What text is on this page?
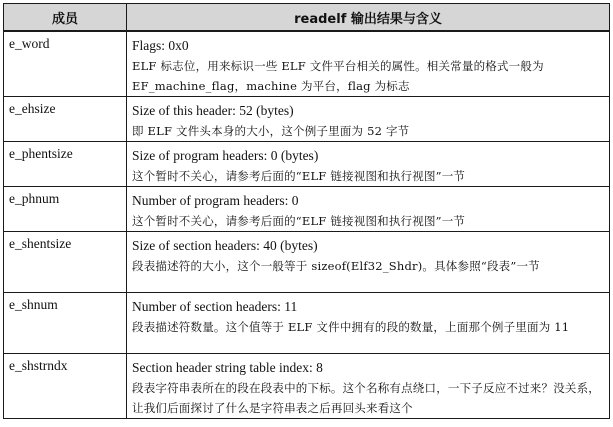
成员	readelf 输出结果与含义
e_word	Flags: 0x0
ELF 标志位，用来标识一些 ELF 文件平台相关的属性。相关常量的格式一般为 EF_machine_flag，machine 为平台，flag 为标志

e_ehsize	Size of this header: 52 (bytes)
即 ELF 文件头本身的大小，这个例子里面为 52 字节

e_phentsize	Size of program headers: 0 (bytes)
这个暂时不关心，请参考后面的“ELF 链接视图和执行视图”一节

e_phnum	Number of program headers: 0
这个暂时不关心，请参考后面的“ELF 链接视图和执行视图”一节

e_shentsize	Size of section headers: 40 (bytes)
段表描述符的大小，这个一般等于 sizeof(Elf32_Shdr)。具体参照“段表”一节

e_shnum	Number of section headers: 11
段表描述符数量。这个值等于 ELF 文件中拥有的段的数量，上面那个例子里面为 11

e_shstrndx	Section header string table index: 8
段表字符串表所在的段在段表中的下标。这个名称有点绕口，一下子反应不过来？没关系，让我们后面探讨了什么是字符串表之后再回头来看这个
